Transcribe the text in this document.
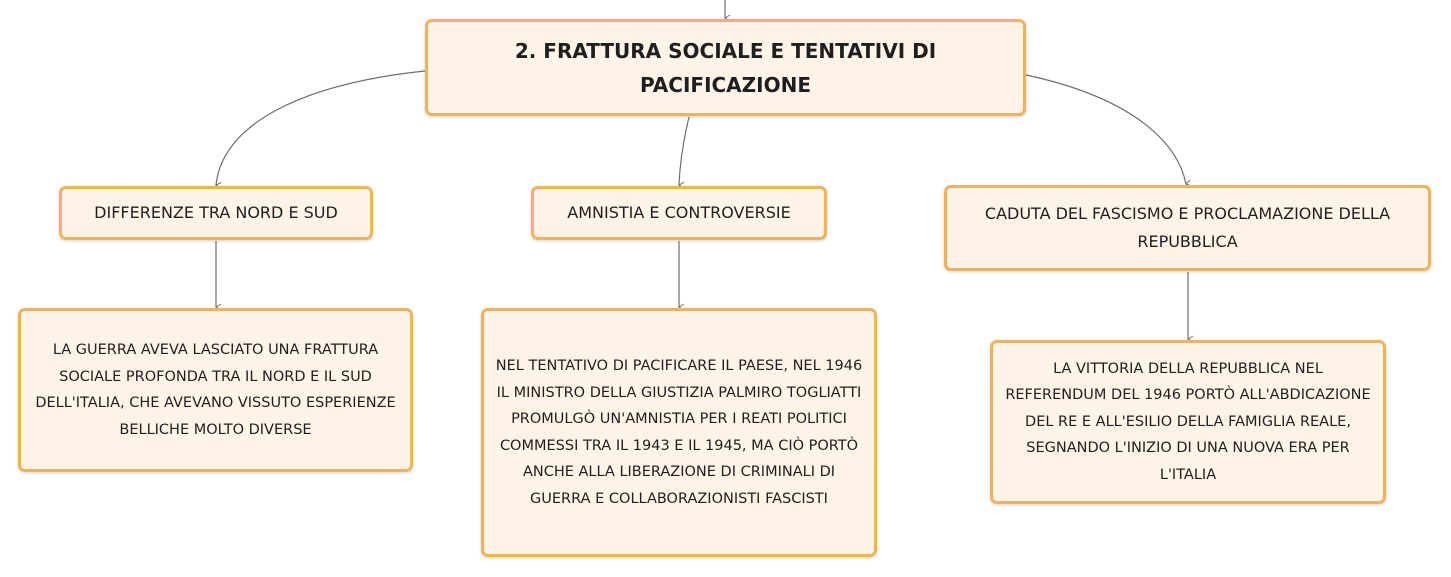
2. FRATTURA SOCIALE E TENTATIVI DI PACIFICAZIONE
DIFFERENZE TRA NORD E SUD	AMNISTIA E CONTROVERSIE	CADUTA DEL FASCISMO E PROCLAMAZIONE DELLA REPUBBLICA
LA GUERRA AVEVA LASCIATO UNA FRATTURA SOCIALE PROFONDA TRA IL NORD E IL SUD DELL'ITALIA, CHE AVEVANO VISSUTO ESPERIENZE BELLICHE MOLTO DIVERSE
NEL TENTATIVO DI PACIFICARE IL PAESE, NEL 1946 IL MINISTRO DELLA GIUSTIZIA PALMIRO TOGLIATTI PROMULGÒ UN'AMNISTIA PER I REATI POLITICI COMMESSI TRA IL 1943 E IL 1945, MA CIÒ PORTÒ ANCHE ALLA LIBERAZIONE DI CRIMINALI DI GUERRA E COLLABORAZIONISTI FASCISTI
LA VITTORIA DELLA REPUBBLICA NEL REFERENDUM DEL 1946 PORTÒ ALL'ABDICAZIONE DEL RE E ALL'ESILIO DELLA FAMIGLIA REALE, SEGNANDO L'INIZIO DI UNA NUOVA ERA PER L'ITALIA
